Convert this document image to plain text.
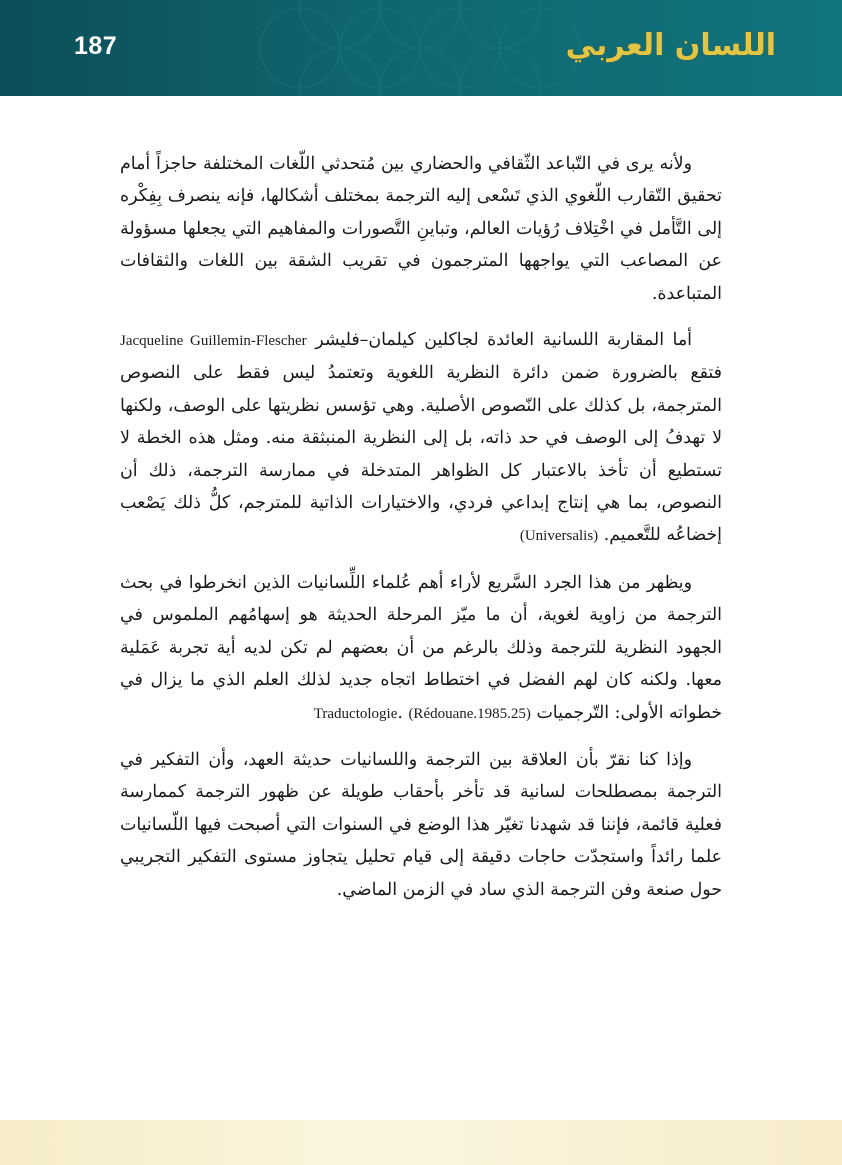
187	اللسان العربي

ولأنه يرى في التّباعد الثّقافي والحضاري بين مُتحدثي اللّغات المختلفة حاجزاً أمام تحقيق التّقارب اللّغوي الذي تَسْعى إليه الترجمة بمختلف أشكالها، فإنه ينصرف بِفِكْره إلى التَّأمل في اخْتِلاف رُؤيات العالم، وتباينِ التَّصورات والمفاهيم التي يجعلها مسؤولة عن المصاعب التي يواجهها المترجمون في تقريب الشقة بين اللغات والثقافات المتباعدة.

أما المقاربة اللسانية العائدة لجاكلين كيلمان–فليشر Jacqueline Guillemin-Flescher فتقع بالضرورة ضمن دائرة النظرية اللغوية وتعتمدُ ليس فقط على النصوص المترجمة، بل كذلك على النّصوص الأصلية. وهي تؤسس نظريتها على الوصف، ولكنها لا تهدفُ إلى الوصف في حد ذاته، بل إلى النظرية المنبثقة منه. ومثل هذه الخطة لا تستطيع أن تأخذ بالاعتبار كل الظواهر المتدخلة في ممارسة الترجمة، ذلك أن النصوص، بما هي إنتاج إبداعي فردي، والاختيارات الذاتية للمترجم، كلُّ ذلك يَصْعب إخضاعُه للتَّعميم. (Universalis)

ويظهر من هذا الجرد السَّريع لأراء أهم عُلماء اللِّسانيات الذين انخرطوا في بحث الترجمة من زاوية لغوية، أن ما ميّز المرحلة الحديثة هو إسهامُهم الملموس في الجهود النظرية للترجمة وذلك بالرغم من أن بعضهم لم تكن لديه أية تجربة عَمَلية معها. ولكنه كان لهم الفضل في اختطاط اتجاه جديد لذلك العلم الذي ما يزال في خطواته الأولى: التّرجميات Traductologie. (Rédouane.1985.25)

وإذا كنا نقرّ بأن العلاقة بين الترجمة واللسانيات حديثة العهد، وأن التفكير في الترجمة بمصطلحات لسانية قد تأخر بأحقاب طويلة عن ظهور الترجمة كممارسة فعلية قائمة، فإننا قد شهدنا تغيّر هذا الوضع في السنوات التي أصبحت فيها اللّسانيات علما رائداً واستجدّت حاجات دقيقة إلى قيام تحليل يتجاوز مستوى التفكير التجريبي حول صنعة وفن الترجمة الذي ساد في الزمن الماضي.
